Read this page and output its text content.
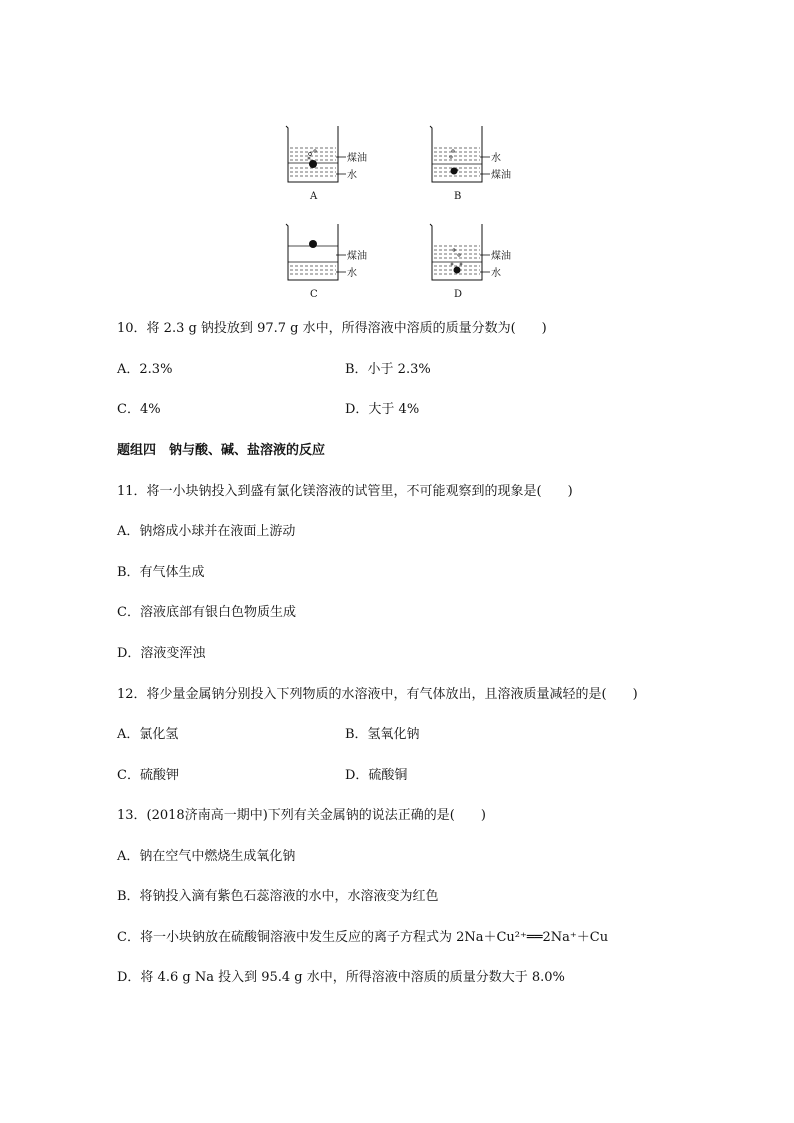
煤油
水
A
水
煤油
B
煤油
水
C
煤油
水
D
10．将 2.3 g 钠投放到 97.7 g 水中，所得溶液中溶质的质量分数为(　　)
A．2.3%	B．小于 2.3%
C．4%	D．大于 4%
题组四　钠与酸、碱、盐溶液的反应
11．将一小块钠投入到盛有氯化镁溶液的试管里，不可能观察到的现象是(　　)
A．钠熔成小球并在液面上游动
B．有气体生成
C．溶液底部有银白色物质生成
D．溶液变浑浊
12．将少量金属钠分别投入下列物质的水溶液中，有气体放出，且溶液质量减轻的是(　　)
A．氯化氢	B．氢氧化钠
C．硫酸钾	D．硫酸铜
13．(2018济南高一期中)下列有关金属钠的说法正确的是(　　)
A．钠在空气中燃烧生成氧化钠
B．将钠投入滴有紫色石蕊溶液的水中，水溶液变为红色
C．将一小块钠放在硫酸铜溶液中发生反应的离子方程式为 2Na＋Cu²⁺══2Na⁺＋Cu
D．将 4.6 g Na 投入到 95.4 g 水中，所得溶液中溶质的质量分数大于 8.0%
